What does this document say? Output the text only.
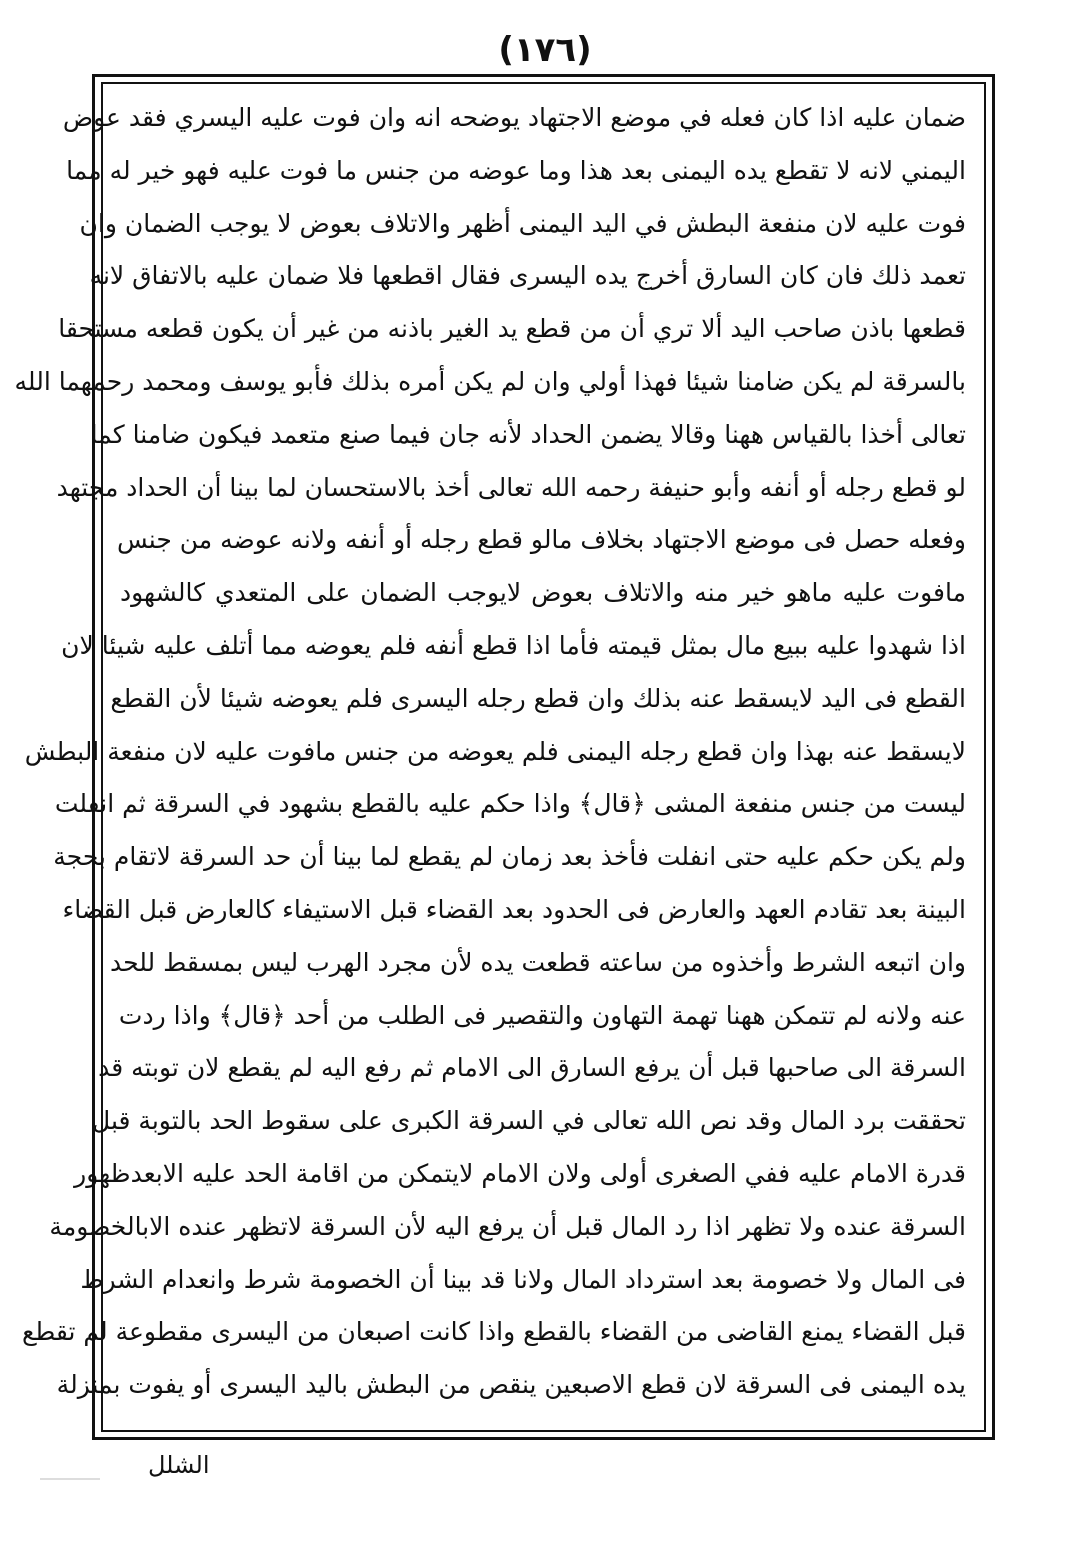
(١٧٦)
ضمان عليه اذا كان فعله في موضع الاجتهاد يوضحه انه وان فوت عليه اليسري فقد عوض
اليمني لانه لا تقطع يده اليمنى بعد هذا وما عوضه من جنس ما فوت عليه فهو خير له مما
فوت عليه لان منفعة البطش في اليد اليمنى أظهر والاتلاف بعوض لا يوجب الضمان وان
تعمد ذلك فان كان السارق أخرج يده اليسرى فقال اقطعها فلا ضمان عليه بالاتفاق لانه
قطعها باذن صاحب اليد ألا تري أن من قطع يد الغير باذنه من غير أن يكون قطعه مستحقا
بالسرقة لم يكن ضامنا شيئا فهذا أولي وان لم يكن أمره بذلك فأبو يوسف ومحمد رحمهما الله
تعالى أخذا بالقياس ههنا وقالا يضمن الحداد لأنه جان فيما صنع متعمد فيكون ضامنا كما
لو قطع رجله أو أنفه وأبو حنيفة رحمه الله تعالى أخذ بالاستحسان لما بينا أن الحداد مجتهد
وفعله حصل فى موضع الاجتهاد بخلاف مالو قطع رجله أو أنفه ولانه عوضه من جنس
مافوت عليه ماهو خير منه والاتلاف بعوض لايوجب الضمان على المتعدي كالشهود
اذا شهدوا عليه ببيع مال بمثل قيمته فأما اذا قطع أنفه فلم يعوضه مما أتلف عليه شيئا لان
القطع فى اليد لايسقط عنه بذلك وان قطع رجله اليسرى فلم يعوضه شيئا لأن القطع
لايسقط عنه بهذا وان قطع رجله اليمنى فلم يعوضه من جنس مافوت عليه لان منفعة البطش
ليست من جنس منفعة المشى ﴿قال﴾ واذا حكم عليه بالقطع بشهود في السرقة ثم انفلت
ولم يكن حكم عليه حتى انفلت فأخذ بعد زمان لم يقطع لما بينا أن حد السرقة لاتقام بحجة
البينة بعد تقادم العهد والعارض فى الحدود بعد القضاء قبل الاستيفاء كالعارض قبل القضاء
وان اتبعه الشرط وأخذوه من ساعته قطعت يده لأن مجرد الهرب ليس بمسقط للحد
عنه ولانه لم تتمكن ههنا تهمة التهاون والتقصير فى الطلب من أحد ﴿قال﴾ واذا ردت
السرقة الى صاحبها قبل أن يرفع السارق الى الامام ثم رفع اليه لم يقطع لان توبته قد
تحققت برد المال وقد نص الله تعالى في السرقة الكبرى على سقوط الحد بالتوبة قبل
قدرة الامام عليه ففي الصغرى أولى ولان الامام لايتمكن من اقامة الحد عليه الابعدظهور
السرقة عنده ولا تظهر اذا رد المال قبل أن يرفع اليه لأن السرقة لاتظهر عنده الابالخصومة
فى المال ولا خصومة بعد استرداد المال ولانا قد بينا أن الخصومة شرط وانعدام الشرط
قبل القضاء يمنع القاضى من القضاء بالقطع واذا كانت اصبعان من اليسرى مقطوعة لم تقطع
يده اليمنى فى السرقة لان قطع الاصبعين ينقص من البطش باليد اليسرى أو يفوت بمنزلة
الشلل
